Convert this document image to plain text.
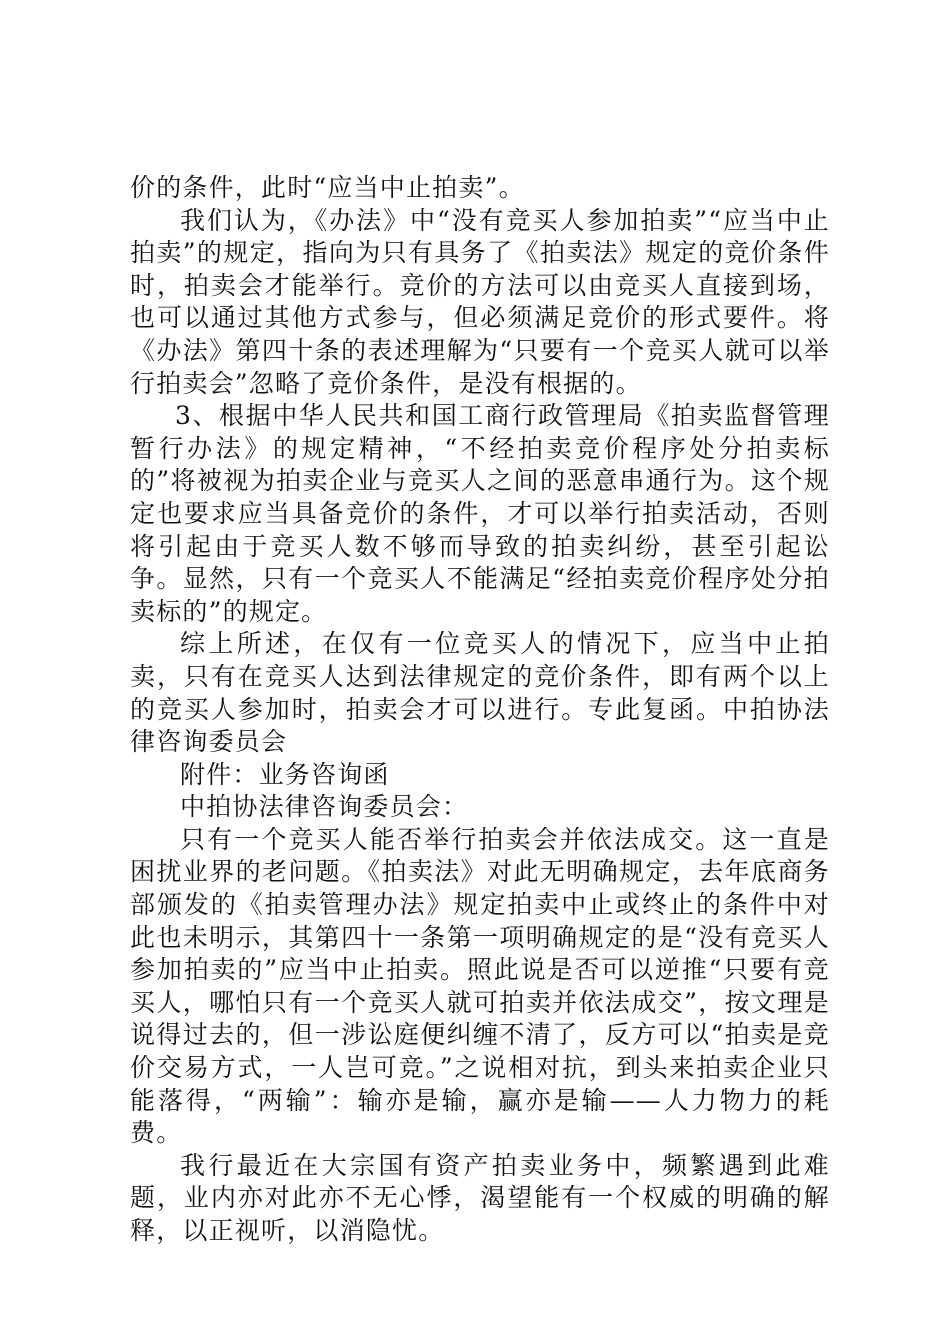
价的条件，此时“应当中止拍卖”。

我们认为，《办法》中“没有竞买人参加拍卖”“应当中止拍卖”的规定，指向为只有具务了《拍卖法》规定的竞价条件时，拍卖会才能举行。竞价的方法可以由竞买人直接到场，也可以通过其他方式参与，但必须满足竞价的形式要件。将《办法》第四十条的表述理解为“只要有一个竞买人就可以举行拍卖会”忽略了竞价条件，是没有根据的。

3、根据中华人民共和国工商行政管理局《拍卖监督管理暂行办法》的规定精神，“不经拍卖竞价程序处分拍卖标的”将被视为拍卖企业与竞买人之间的恶意串通行为。这个规定也要求应当具备竞价的条件，才可以举行拍卖活动，否则将引起由于竞买人数不够而导致的拍卖纠纷，甚至引起讼争。显然，只有一个竞买人不能满足“经拍卖竞价程序处分拍卖标的”的规定。

综上所述，在仅有一位竞买人的情况下，应当中止拍卖，只有在竞买人达到法律规定的竞价条件，即有两个以上的竞买人参加时，拍卖会才可以进行。专此复函。中拍协法律咨询委员会

附件：业务咨询函

中拍协法律咨询委员会：

只有一个竞买人能否举行拍卖会并依法成交。这一直是困扰业界的老问题。《拍卖法》对此无明确规定，去年底商务部颁发的《拍卖管理办法》规定拍卖中止或终止的条件中对此也未明示，其第四十一条第一项明确规定的是“没有竞买人参加拍卖的”应当中止拍卖。照此说是否可以逆推“只要有竞买人，哪怕只有一个竞买人就可拍卖并依法成交”，按文理是说得过去的，但一涉讼庭便纠缠不清了，反方可以“拍卖是竞价交易方式，一人岂可竞。”之说相对抗，到头来拍卖企业只能落得，“两输”：输亦是输，赢亦是输——人力物力的耗费。

我行最近在大宗国有资产拍卖业务中，频繁遇到此难题，业内亦对此亦不无心悸，渴望能有一个权威的明确的解释，以正视听，以消隐忧。
